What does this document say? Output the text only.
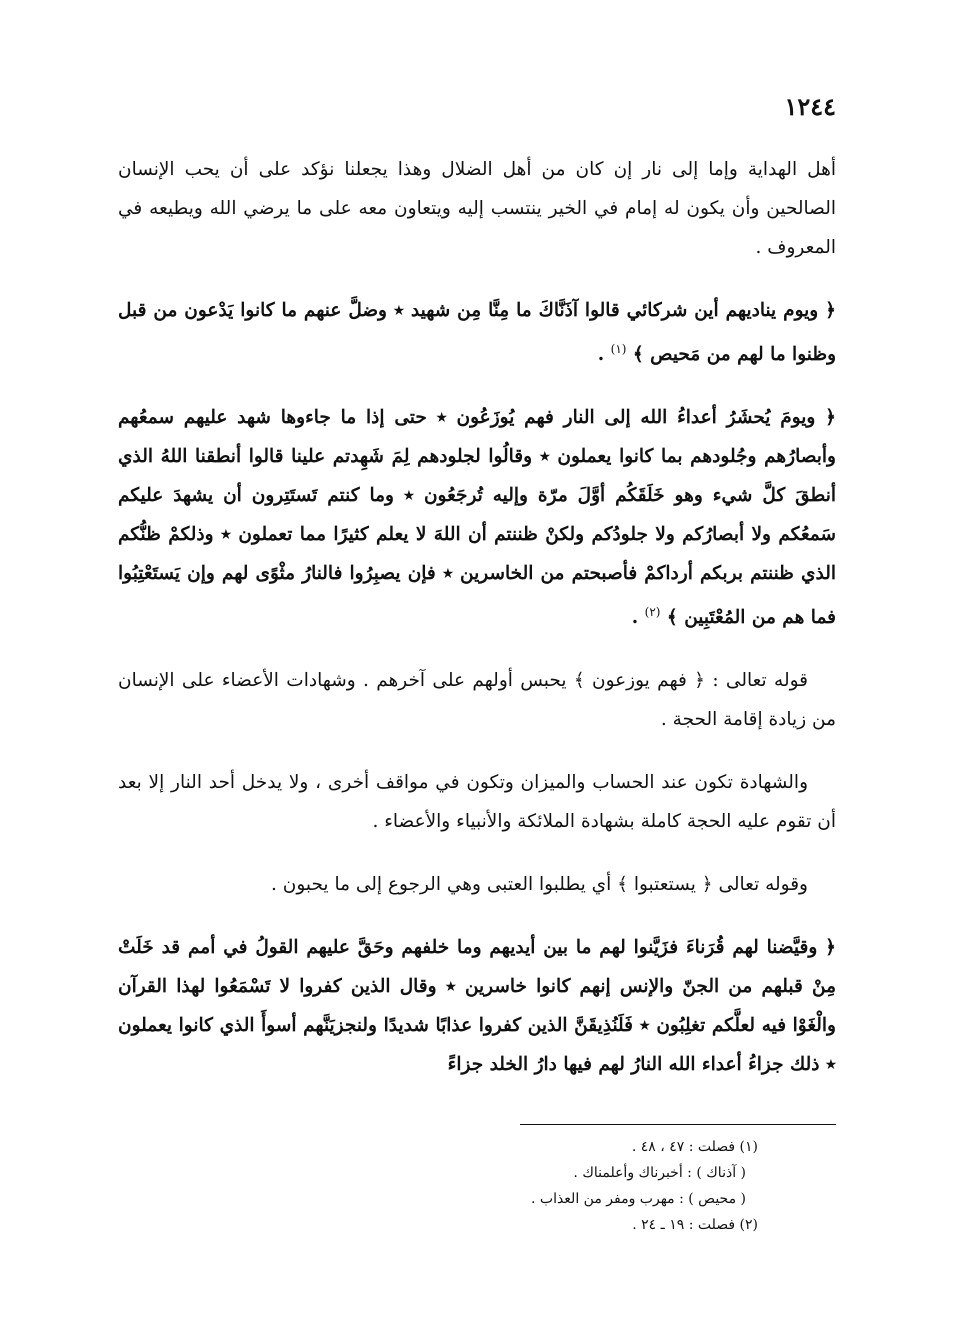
١٢٤٤

أهل الهداية وإما إلى نار إن كان من أهل الضلال وهذا يجعلنا نؤكد على أن يحب الإنسان الصالحين وأن يكون له إمام في الخير ينتسب إليه ويتعاون معه على ما يرضي الله ويطيعه في المعروف .

﴿ ويوم يناديهم أين شركائي قالوا آذَنَّاكَ ما مِنَّا مِن شهيد ٭ وضلَّ عنهم ما كانوا يَدْعون من قبل وظنوا ما لهم من مَحيص ﴾ $^{(١)}$ .

﴿ ويومَ يُحشَرُ أعداءُ الله إلى النار فهم يُوزَعُون ٭ حتى إذا ما جاءوها شهد عليهم سمعُهم وأبصارُهم وجُلودهم بما كانوا يعملون ٭ وقالُوا لجلودهم لِمَ شَهِدتم علينا قالوا أنطقنا اللهُ الذي أنطقَ كلَّ شيء وهو خَلَقَكُم أوَّلَ مرّة وإليه تُرجَعُون ٭ وما كنتم تَستَتِرون أن يشهدَ عليكم سَمعُكم ولا أبصارُكم ولا جلودُكم ولكنْ ظننتم أن اللهَ لا يعلم كثيرًا مما تعملون ٭ وذلكمْ ظنُّكم الذي ظننتم بربكم أرداكمْ فأصبحتم من الخاسرين ٭ فإن يصبِرُوا فالنارُ مثْوًى لهم وإن يَستَعْتِبُوا فما هم من المُعْتَبِين ﴾ $^{(٢)}$ .

قوله تعالى : ﴿ فهم يوزعون ﴾ يحبس أولهم على آخرهم . وشهادات الأعضاء على الإنسان من زيادة إقامة الحجة .

والشهادة تكون عند الحساب والميزان وتكون في مواقف أخرى ، ولا يدخل أحد النار إلا بعد أن تقوم عليه الحجة كاملة بشهادة الملائكة والأنبياء والأعضاء .

وقوله تعالى ﴿ يستعتبوا ﴾ أي يطلبوا العتبى وهي الرجوع إلى ما يحبون .

﴿ وقيَّضنا لهم قُرَناءَ فزَيَّنوا لهم ما بين أيديهم وما خلفهم وحَقَّ عليهم القولُ في أمم قد خَلَتْ مِنْ قبلهم من الجنّ والإنس إنهم كانوا خاسرين ٭ وقال الذين كفروا لا تَسْمَعُوا لهذا القرآن والْغَوْا فيه لعلَّكم تغلِبُون ٭ فَلَنُذِيقَنَّ الذين كفروا عذابًا شديدًا ولنجزيَنَّهم أسوأَ الذي كانوا يعملون ٭ ذلك جزاءُ أعداء الله النارُ لهم فيها دارُ الخلد جزاءً

(١) فصلت : ٤٧ ، ٤٨ .

( آذناك ) : أخبرناك وأعلمناك .

( محيص ) : مهرب ومفر من العذاب .

(٢) فصلت : ١٩ ـ ٢٤ .
